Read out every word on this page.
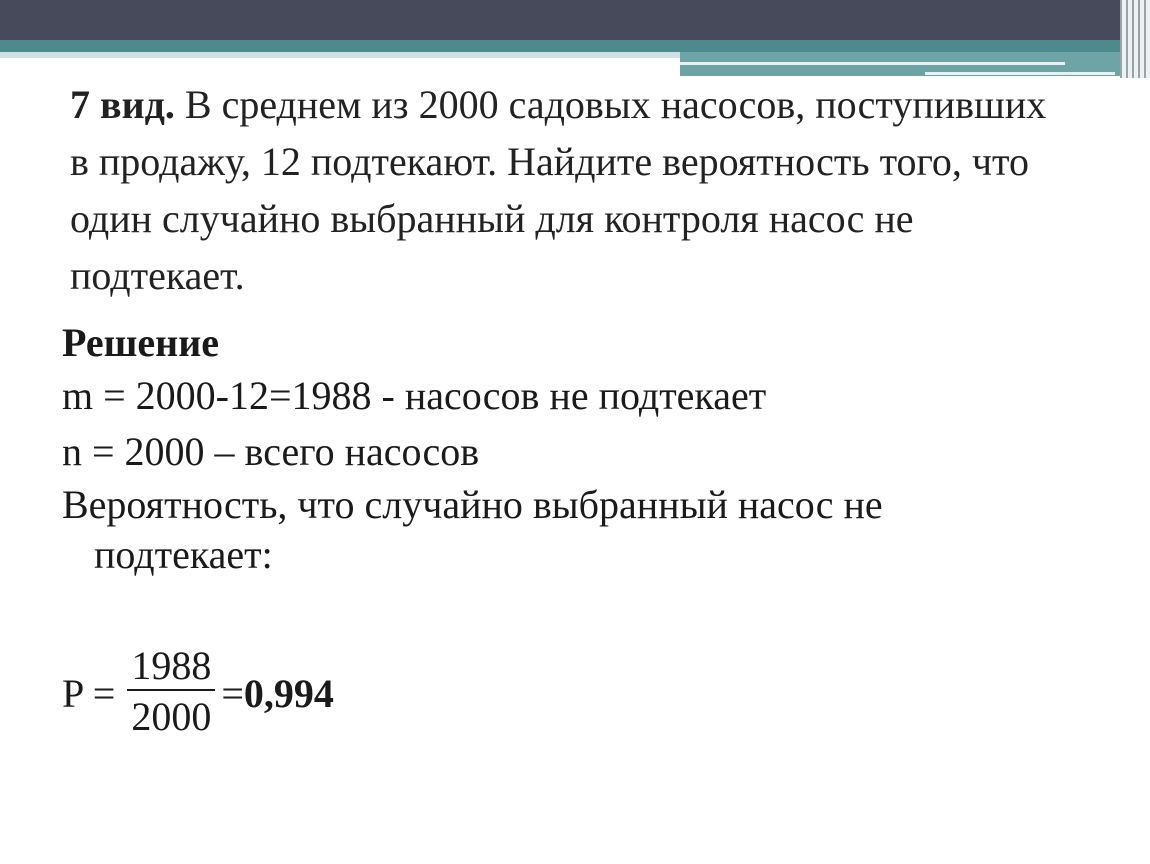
7 вид. В среднем из 2000 садовых насосов, поступивших в продажу, 12 подтекают. Найдите вероятность того, что один случайно выбранный для контроля насос не подтекает.
Решение
m = 2000-12=1988 - насосов не подтекает
n = 2000 – всего насосов
Вероятность, что случайно выбранный насос не
подтекает:
$P = \frac{1988}{2000} = 0,994$
